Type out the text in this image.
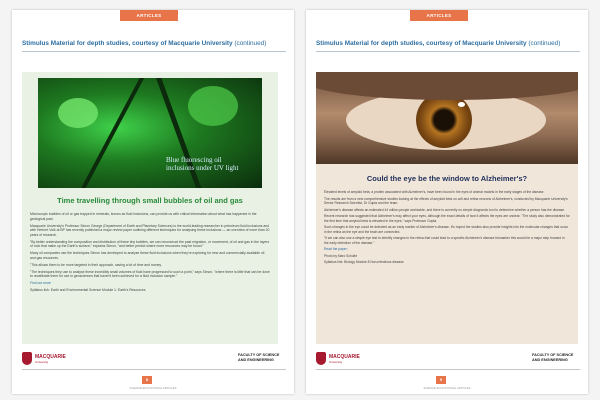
ARTICLES
Stimulus Material for depth studies, courtesy of Macquarie University (continued)
Blue fluorescing oil
inclusions under UV light
Time travelling through small bubbles of oil and gas

Microscopic bubbles of oil or gas trapped in minerals, known as fluid inclusions, can provide us with critical information about what has happened in the geological past.

Macquarie University's Professor Simon George (Department of Earth and Planetary Sciences) is the world-leading researcher in petroleum fluid inclusions and with Herbert Volk at BP has recently published a major review paper outlining different techniques for analysing these inclusions — an overview of more than 20 years of research.

"By better understanding the composition and distribution of these tiny bubbles, we can reconstruct the past migration, or movement, of oil and gas in the layers of rock that make up the Earth's surface," explains Simon, "and better predict where more resources may be found."

Many oil companies use the techniques Simon has developed to analyse these fluid inclusions when they're exploring for new and commercially available oil and gas resources.

"This allows them to be more targeted in their approach, saving a lot of time and money.

"The techniques they use to analyse these incredibly small volumes of fluid have progressed to such a point," says Simon, "where there is little that can be done to recalibrate them for use in geosciences that haven't been achieved for a fluid inclusion sample."

Find out more

Syllabus link: Earth and Environmental Science Module 1: Earth's Resources

MACQUARIE
University
FACULTY OF SCIENCE
AND ENGINEERING
8
SCIENCE EDUCATIONAL ARTICLES
ARTICLES
Stimulus Material for depth studies, courtesy of Macquarie University (continued)
Could the eye be the window to Alzheimer's?

Elevated levels of amyloid beta, a protein associated with Alzheimer's, have been found in the eyes of animal models in the early stages of the disease.

The results are from a new comprehensive studies looking at the effects of amyloid beta on cell and retina neurons of Alzheimer's, conducted by Macquarie University's Senior Research Scientist, Dr Gupta and the team.

Alzheimer's disease affects an estimated 44 million people worldwide, and there is currently no simple diagnostic tool to determine whether a person has the disease.

Recent research has suggested that Alzheimer's may affect your eyes, although the exact details of how it affects the eyes are unclear. "The study also demonstrated for the first time that amyloid beta is elevated in the eyes," says Professor Gupta.

Such changes in the eye could be detected as an early marker of Alzheimer's disease. It's hoped the studies also provide insights into the molecular changes that occur in the retina as the eye and the brain are connected.

"If we can also use a simple eye test to identify changes in the retina that could lead to a specific Alzheimer's disease biomarker this would be a major step forward in the early detection of the disease."

Read the paper:

Photo by Marc Schulte

Syllabus link: Biology Module 8 Non-infectious disease

MACQUARIE
University
FACULTY OF SCIENCE
AND ENGINEERING
9
SCIENCE EDUCATIONAL ARTICLES
